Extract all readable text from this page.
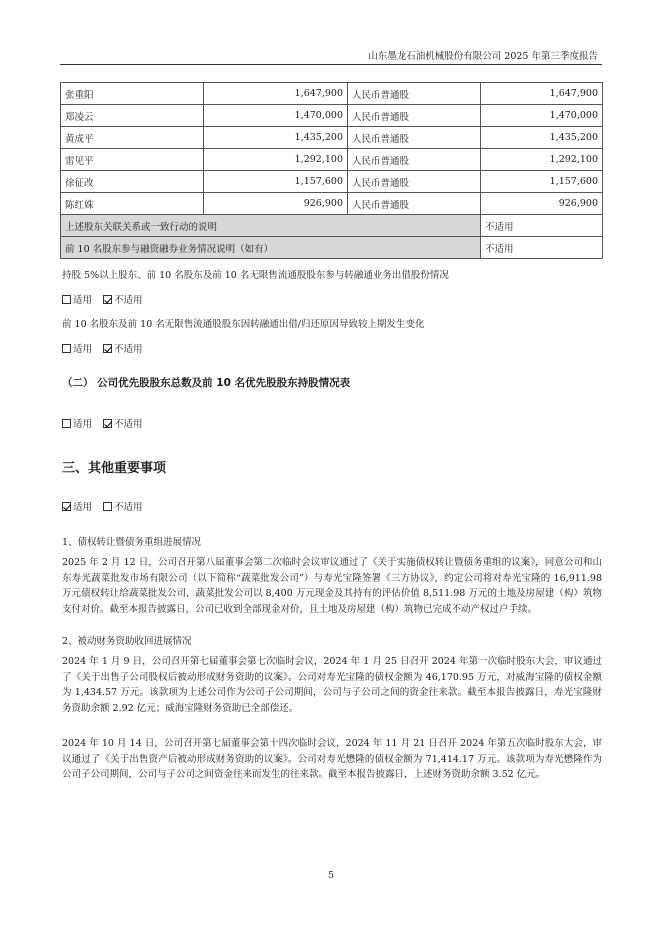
山东墨龙石油机械股份有限公司 2025 年第三季度报告
张重阳	1,647,900	人民币普通股	1,647,900
郑凌云	1,470,000	人民币普通股	1,470,000
黄成平	1,435,200	人民币普通股	1,435,200
雷见平	1,292,100	人民币普通股	1,292,100
徐征改	1,157,600	人民币普通股	1,157,600
陈红姝	926,900	人民币普通股	926,900
上述股东关联关系或一致行动的说明			不适用
前 10 名股东参与融资融券业务情况说明（如有）			不适用
持股 5%以上股东、前 10 名股东及前 10 名无限售流通股股东参与转融通业务出借股份情况
适用 不适用
前 10 名股东及前 10 名无限售流通股股东因转融通出借/归还原因导致较上期发生变化
适用 不适用
（二） 公司优先股股东总数及前 10 名优先股股东持股情况表
适用 不适用
三、其他重要事项
适用 不适用
1、债权转让暨债务重组进展情况
2025 年 2 月 12 日，公司召开第八届董事会第二次临时会议审议通过了《关于实施债权转让暨债务重组的议案》，同意公司和山东寿光蔬菜批发市场有限公司（以下简称“蔬菜批发公司”）与寿光宝隆签署《三方协议》，约定公司将对寿光宝隆的 16,911.98 万元债权转让给蔬菜批发公司，蔬菜批发公司以 8,400 万元现金及其持有的评估价值 8,511.98 万元的土地及房屋建（构）筑物支付对价。截至本报告披露日，公司已收到全部现金对价，且土地及房屋建（构）筑物已完成不动产权过户手续。
2、被动财务资助收回进展情况
2024 年 1 月 9 日，公司召开第七届董事会第七次临时会议，2024 年 1 月 25 日召开 2024 年第一次临时股东大会，审议通过了《关于出售子公司股权后被动形成财务资助的议案》。公司对寿光宝隆的债权金额为 46,170.95 万元，对威海宝隆的债权金额为 1,434.57 万元。该款项为上述公司作为公司子公司期间，公司与子公司之间的资金往来款。截至本报告披露日，寿光宝隆财务资助余额 2.92 亿元；威海宝隆财务资助已全部偿还。
2024 年 10 月 14 日，公司召开第七届董事会第十四次临时会议，2024 年 11 月 21 日召开 2024 年第五次临时股东大会，审议通过了《关于出售资产后被动形成财务资助的议案》。公司对寿光懋隆的债权金额为 71,414.17 万元。该款项为寿光懋隆作为公司子公司期间，公司与子公司之间资金往来而发生的往来款。截至本报告披露日，上述财务资助余额 3.52 亿元。
5
